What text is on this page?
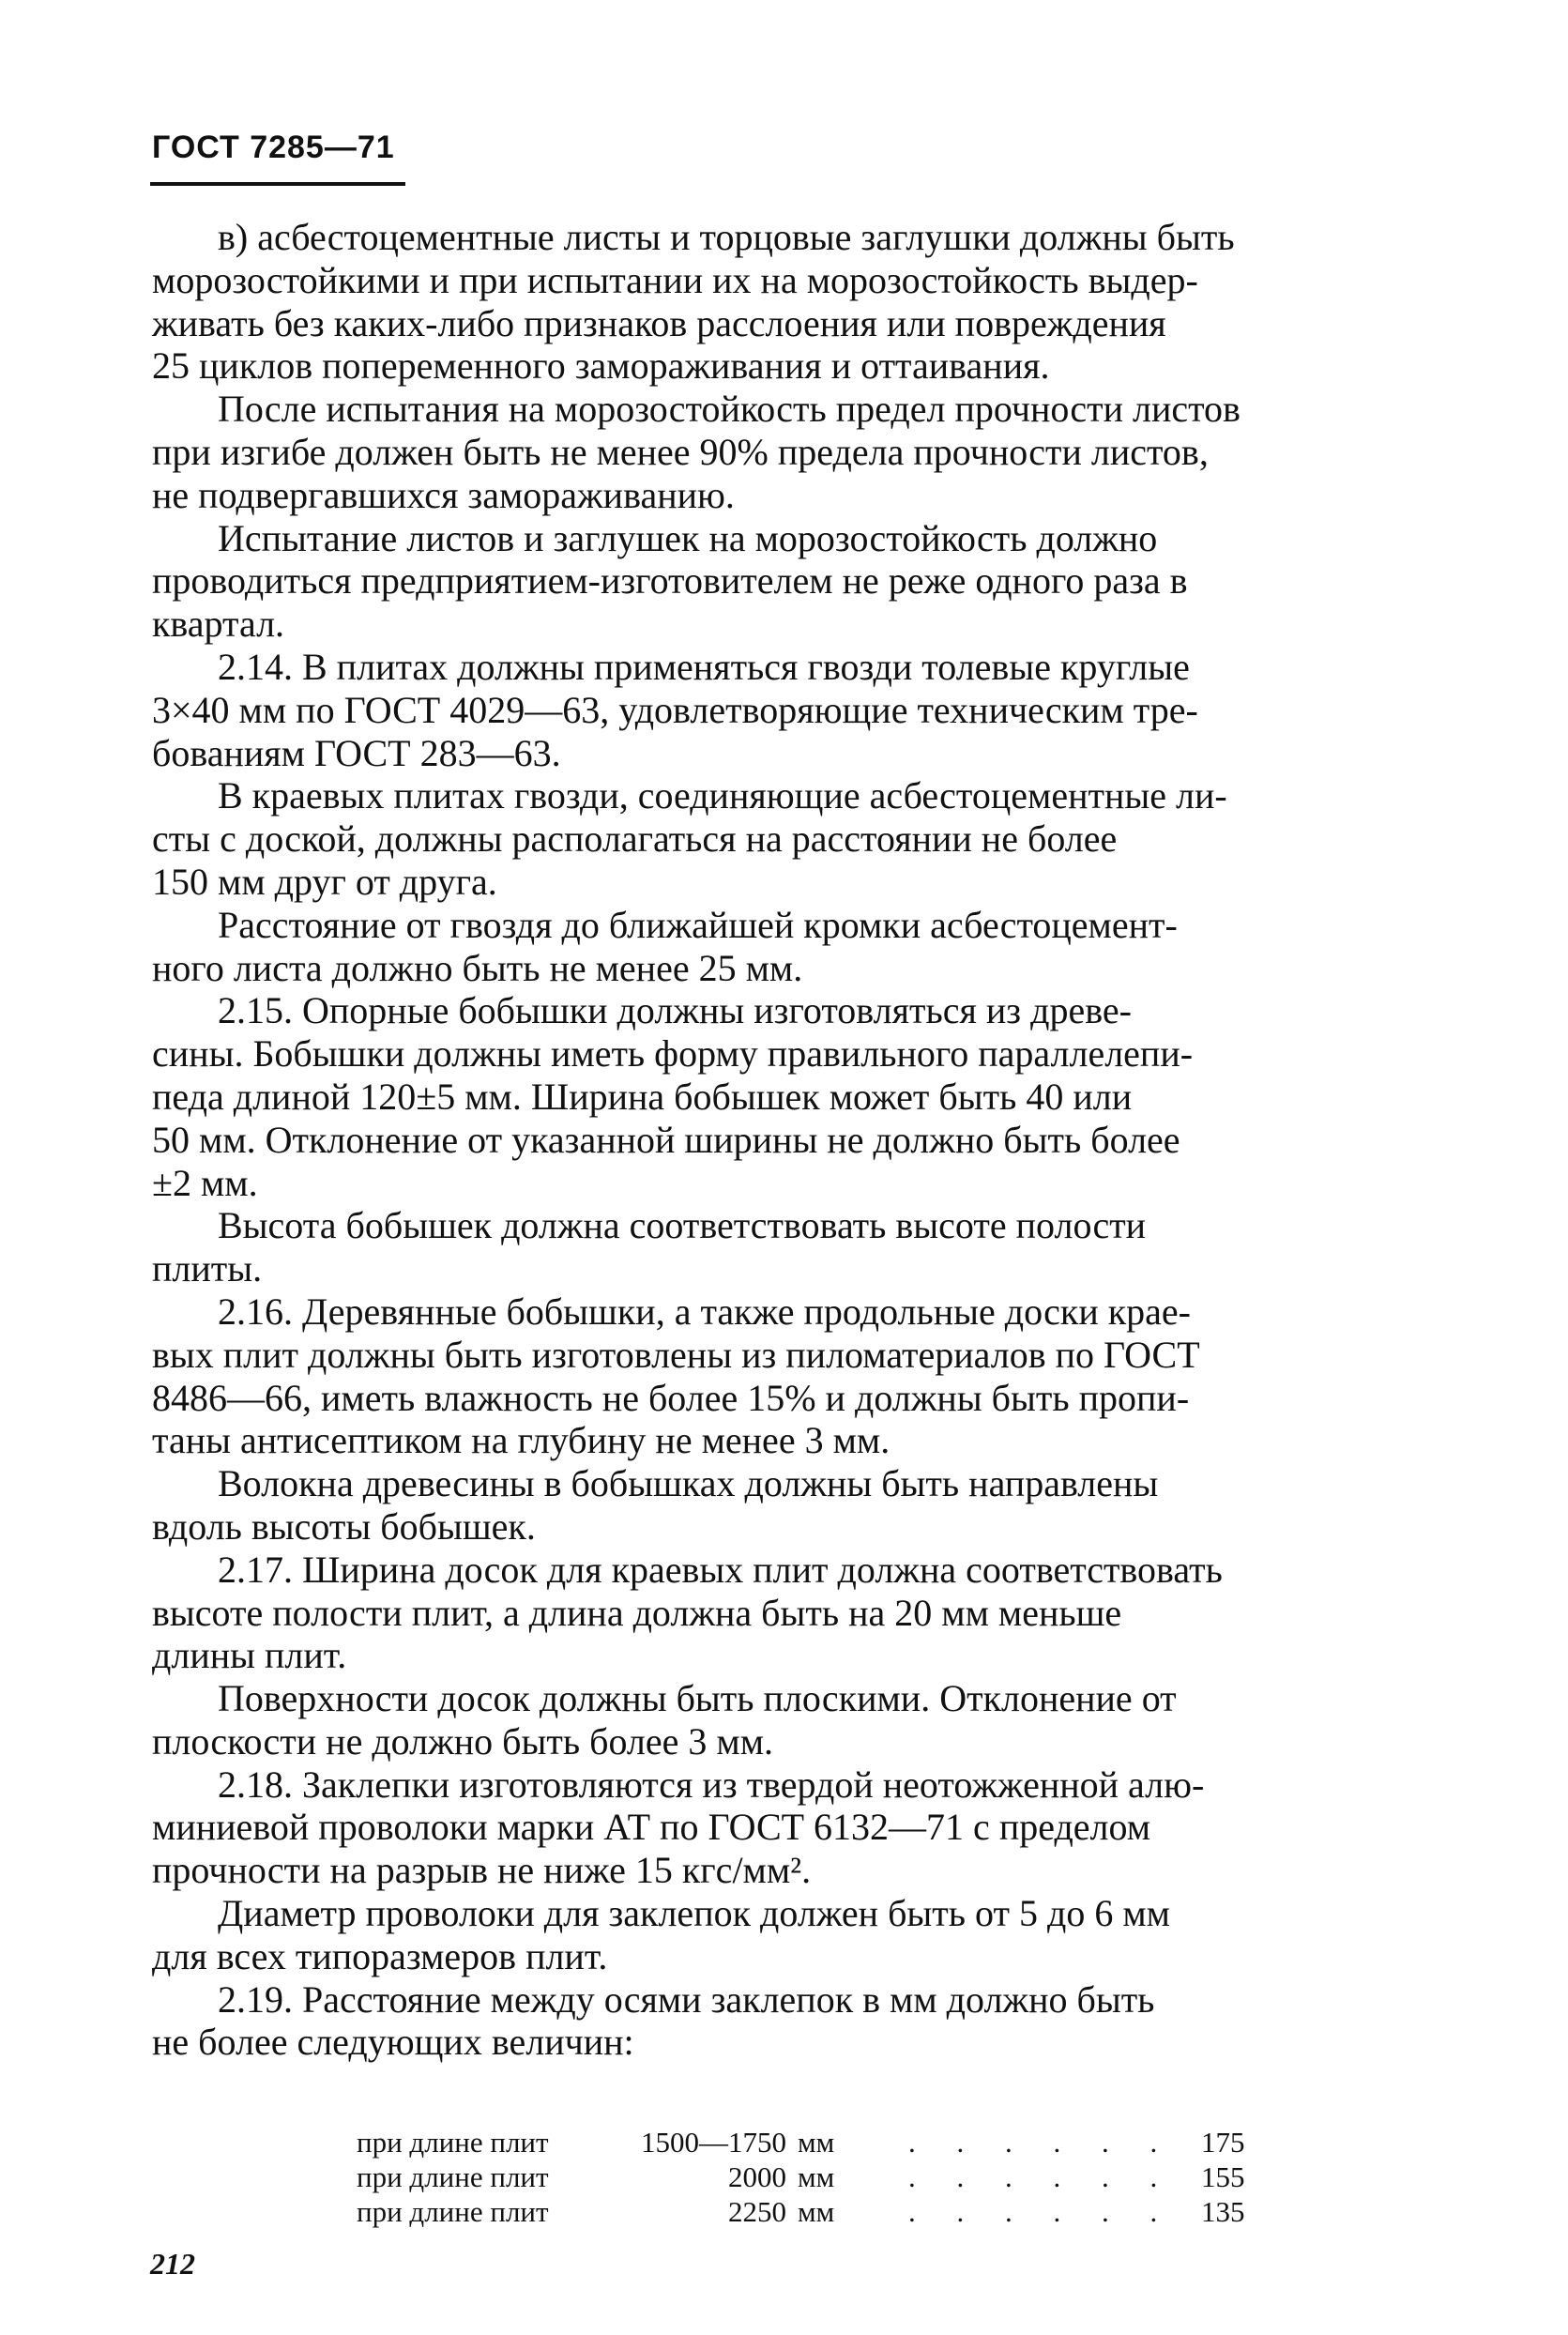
ГОСТ 7285—71

в) асбестоцементные листы и торцовые заглушки должны быть
морозостойкими и при испытании их на морозостойкость выдер-
живать без каких-либо признаков расслоения или повреждения
25 циклов попеременного замораживания и оттаивания.

После испытания на морозостойкость предел прочности листов
при изгибе должен быть не менее 90% предела прочности листов,
не подвергавшихся замораживанию.

Испытание листов и заглушек на морозостойкость должно
проводиться предприятием-изготовителем не реже одного раза в
квартал.

2.14. В плитах должны применяться гвозди толевые круглые
3×40 мм по ГОСТ 4029—63, удовлетворяющие техническим тре-
бованиям ГОСТ 283—63.

В краевых плитах гвозди, соединяющие асбестоцементные ли-
сты с доской, должны располагаться на расстоянии не более
150 мм друг от друга.

Расстояние от гвоздя до ближайшей кромки асбестоцемент-
ного листа должно быть не менее 25 мм.

2.15. Опорные бобышки должны изготовляться из древе-
сины. Бобышки должны иметь форму правильного параллелепи-
педа длиной 120±5 мм. Ширина бобышек может быть 40 или
50 мм. Отклонение от указанной ширины не должно быть более
±2 мм.

Высота бобышек должна соответствовать высоте полости
плиты.

2.16. Деревянные бобышки, а также продольные доски крае-
вых плит должны быть изготовлены из пиломатериалов по ГОСТ
8486—66, иметь влажность не более 15% и должны быть пропи-
таны антисептиком на глубину не менее 3 мм.

Волокна древесины в бобышках должны быть направлены
вдоль высоты бобышек.

2.17. Ширина досок для краевых плит должна соответствовать
высоте полости плит, а длина должна быть на 20 мм меньше
длины плит.

Поверхности досок должны быть плоскими. Отклонение от
плоскости не должно быть более 3 мм.

2.18. Заклепки изготовляются из твердой неотожженной алю-
миниевой проволоки марки АТ по ГОСТ 6132—71 с пределом
прочности на разрыв не ниже 15 кгс/мм².

Диаметр проволоки для заклепок должен быть от 5 до 6 мм
для всех типоразмеров плит.

2.19. Расстояние между осями заклепок в мм должно быть
не более следующих величин:

при длине плит	1500—1750 мм	. . . . . . 175
при длине плит	2000 мм	. . . . . . 155
при длине плит	2250 мм	. . . . . . 135
212
